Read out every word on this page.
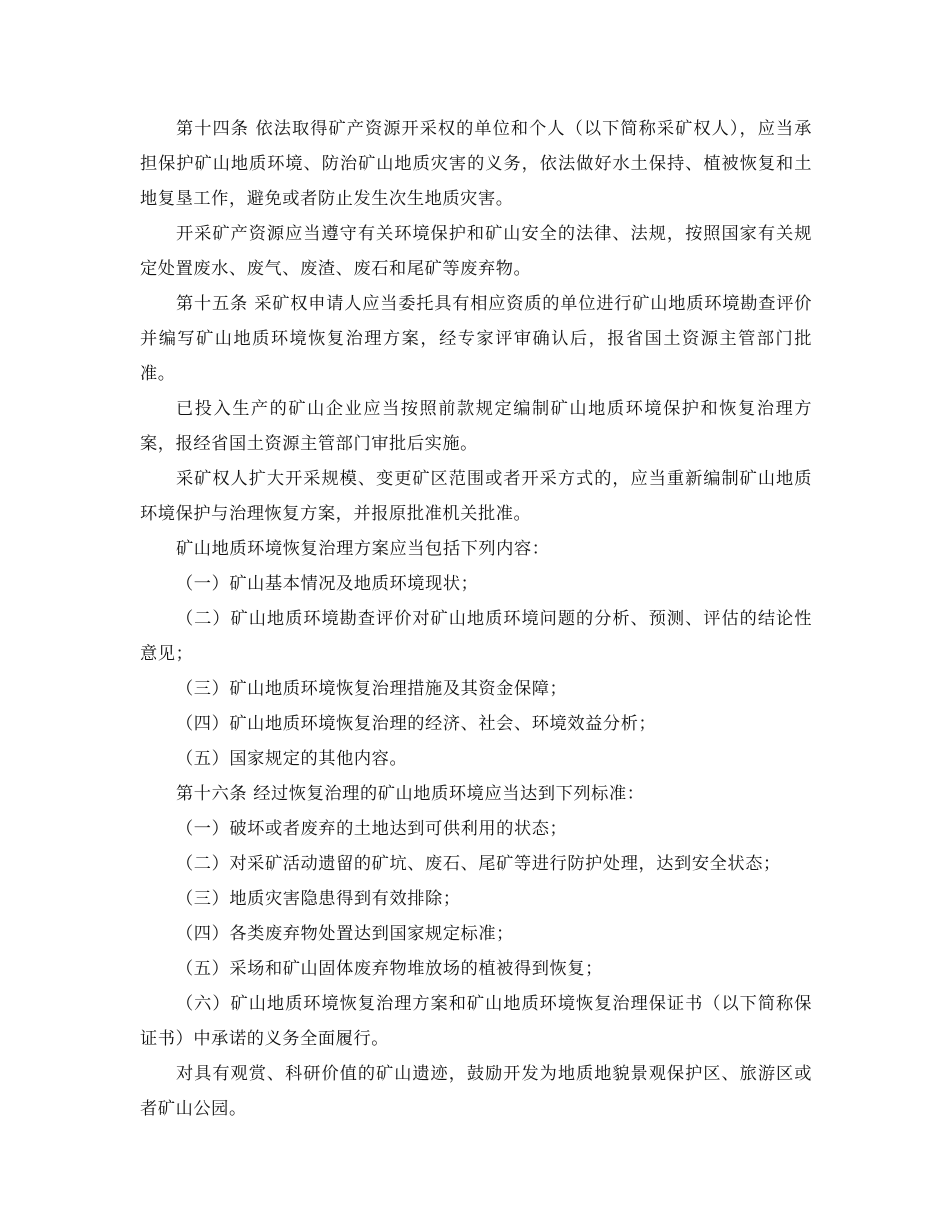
第十四条 依法取得矿产资源开采权的单位和个人（以下简称采矿权人），应当承担保护矿山地质环境、防治矿山地质灾害的义务，依法做好水土保持、植被恢复和土地复垦工作，避免或者防止发生次生地质灾害。

开采矿产资源应当遵守有关环境保护和矿山安全的法律、法规，按照国家有关规定处置废水、废气、废渣、废石和尾矿等废弃物。

第十五条 采矿权申请人应当委托具有相应资质的单位进行矿山地质环境勘查评价并编写矿山地质环境恢复治理方案，经专家评审确认后，报省国土资源主管部门批准。

已投入生产的矿山企业应当按照前款规定编制矿山地质环境保护和恢复治理方案，报经省国土资源主管部门审批后实施。

采矿权人扩大开采规模、变更矿区范围或者开采方式的，应当重新编制矿山地质环境保护与治理恢复方案，并报原批准机关批准。

矿山地质环境恢复治理方案应当包括下列内容：

（一）矿山基本情况及地质环境现状；

（二）矿山地质环境勘查评价对矿山地质环境问题的分析、预测、评估的结论性意见；

（三）矿山地质环境恢复治理措施及其资金保障；

（四）矿山地质环境恢复治理的经济、社会、环境效益分析；

（五）国家规定的其他内容。

第十六条 经过恢复治理的矿山地质环境应当达到下列标准：

（一）破坏或者废弃的土地达到可供利用的状态；

（二）对采矿活动遗留的矿坑、废石、尾矿等进行防护处理，达到安全状态；

（三）地质灾害隐患得到有效排除；

（四）各类废弃物处置达到国家规定标准；

（五）采场和矿山固体废弃物堆放场的植被得到恢复；

（六）矿山地质环境恢复治理方案和矿山地质环境恢复治理保证书（以下简称保证书）中承诺的义务全面履行。

对具有观赏、科研价值的矿山遗迹，鼓励开发为地质地貌景观保护区、旅游区或者矿山公园。
